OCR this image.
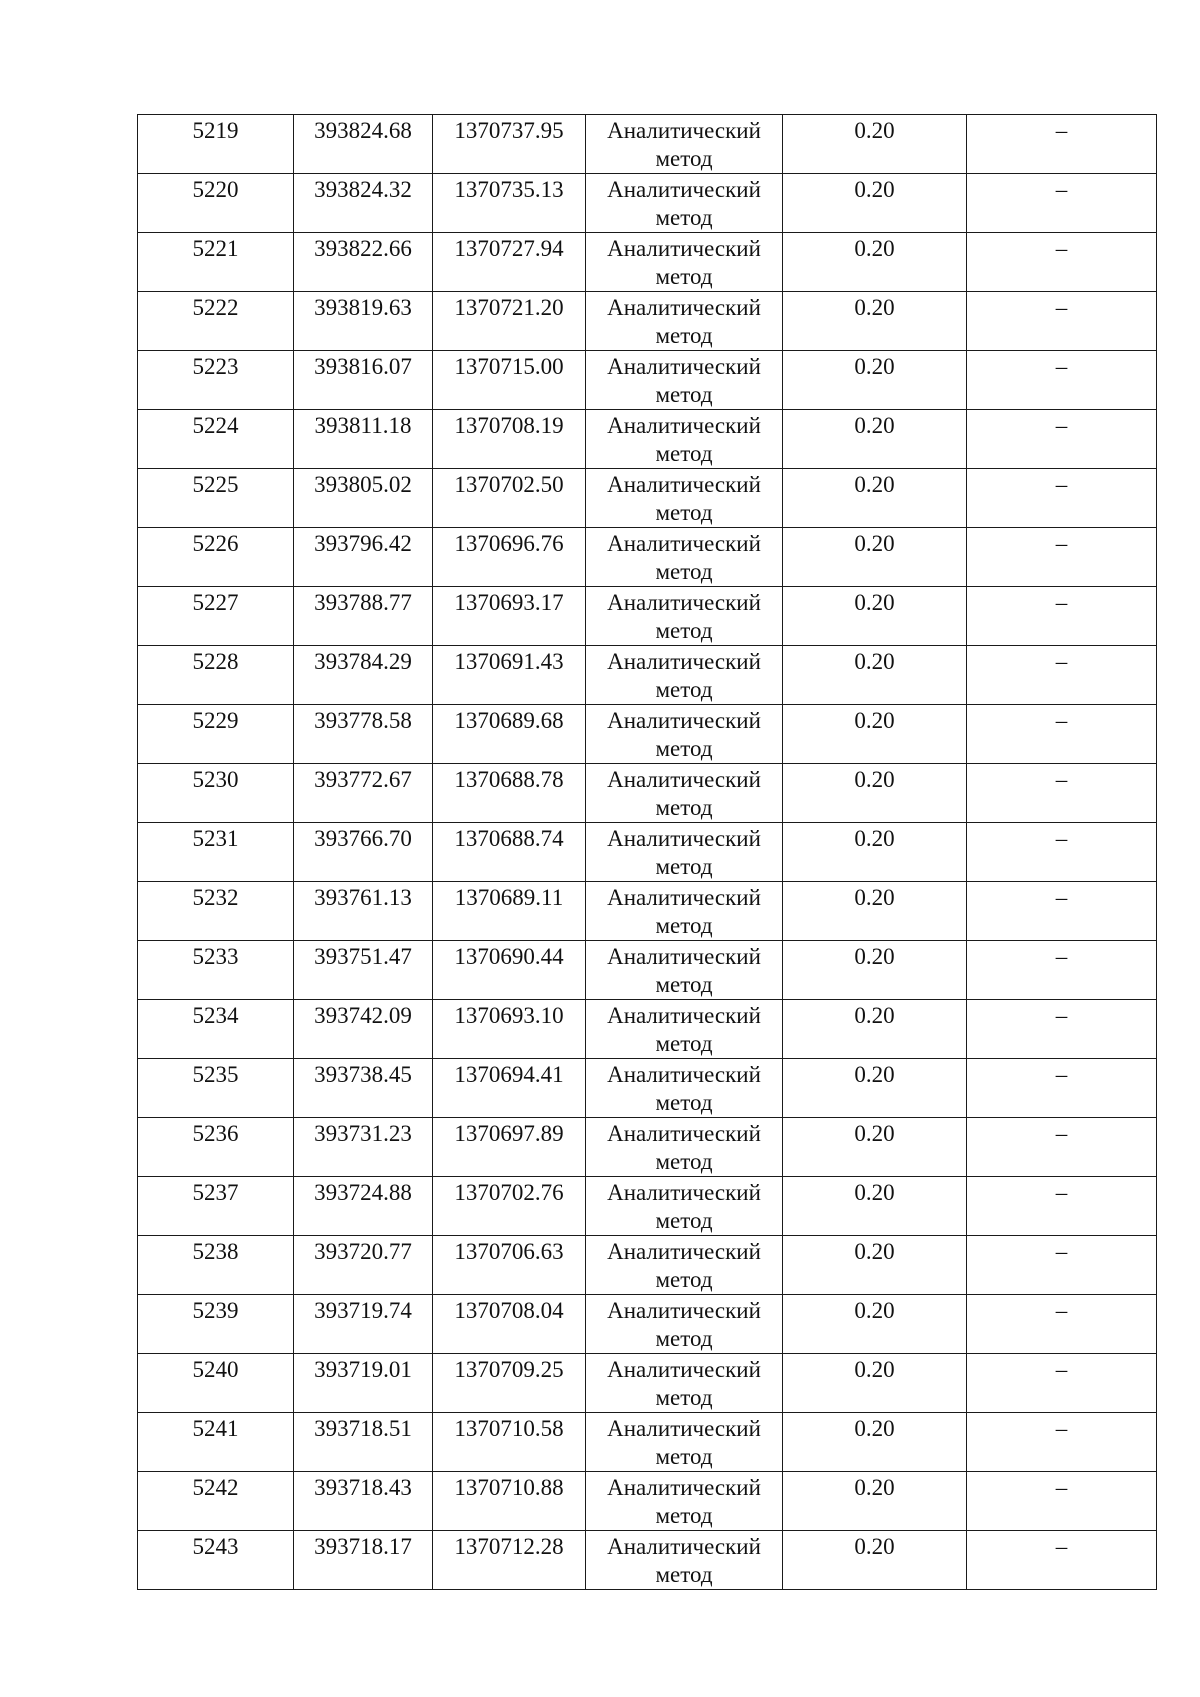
5219	393824.68	1370737.95	Аналитический метод	0.20	–
5220	393824.32	1370735.13	Аналитический метод	0.20	–
5221	393822.66	1370727.94	Аналитический метод	0.20	–
5222	393819.63	1370721.20	Аналитический метод	0.20	–
5223	393816.07	1370715.00	Аналитический метод	0.20	–
5224	393811.18	1370708.19	Аналитический метод	0.20	–
5225	393805.02	1370702.50	Аналитический метод	0.20	–
5226	393796.42	1370696.76	Аналитический метод	0.20	–
5227	393788.77	1370693.17	Аналитический метод	0.20	–
5228	393784.29	1370691.43	Аналитический метод	0.20	–
5229	393778.58	1370689.68	Аналитический метод	0.20	–
5230	393772.67	1370688.78	Аналитический метод	0.20	–
5231	393766.70	1370688.74	Аналитический метод	0.20	–
5232	393761.13	1370689.11	Аналитический метод	0.20	–
5233	393751.47	1370690.44	Аналитический метод	0.20	–
5234	393742.09	1370693.10	Аналитический метод	0.20	–
5235	393738.45	1370694.41	Аналитический метод	0.20	–
5236	393731.23	1370697.89	Аналитический метод	0.20	–
5237	393724.88	1370702.76	Аналитический метод	0.20	–
5238	393720.77	1370706.63	Аналитический метод	0.20	–
5239	393719.74	1370708.04	Аналитический метод	0.20	–
5240	393719.01	1370709.25	Аналитический метод	0.20	–
5241	393718.51	1370710.58	Аналитический метод	0.20	–
5242	393718.43	1370710.88	Аналитический метод	0.20	–
5243	393718.17	1370712.28	Аналитический метод	0.20	–
